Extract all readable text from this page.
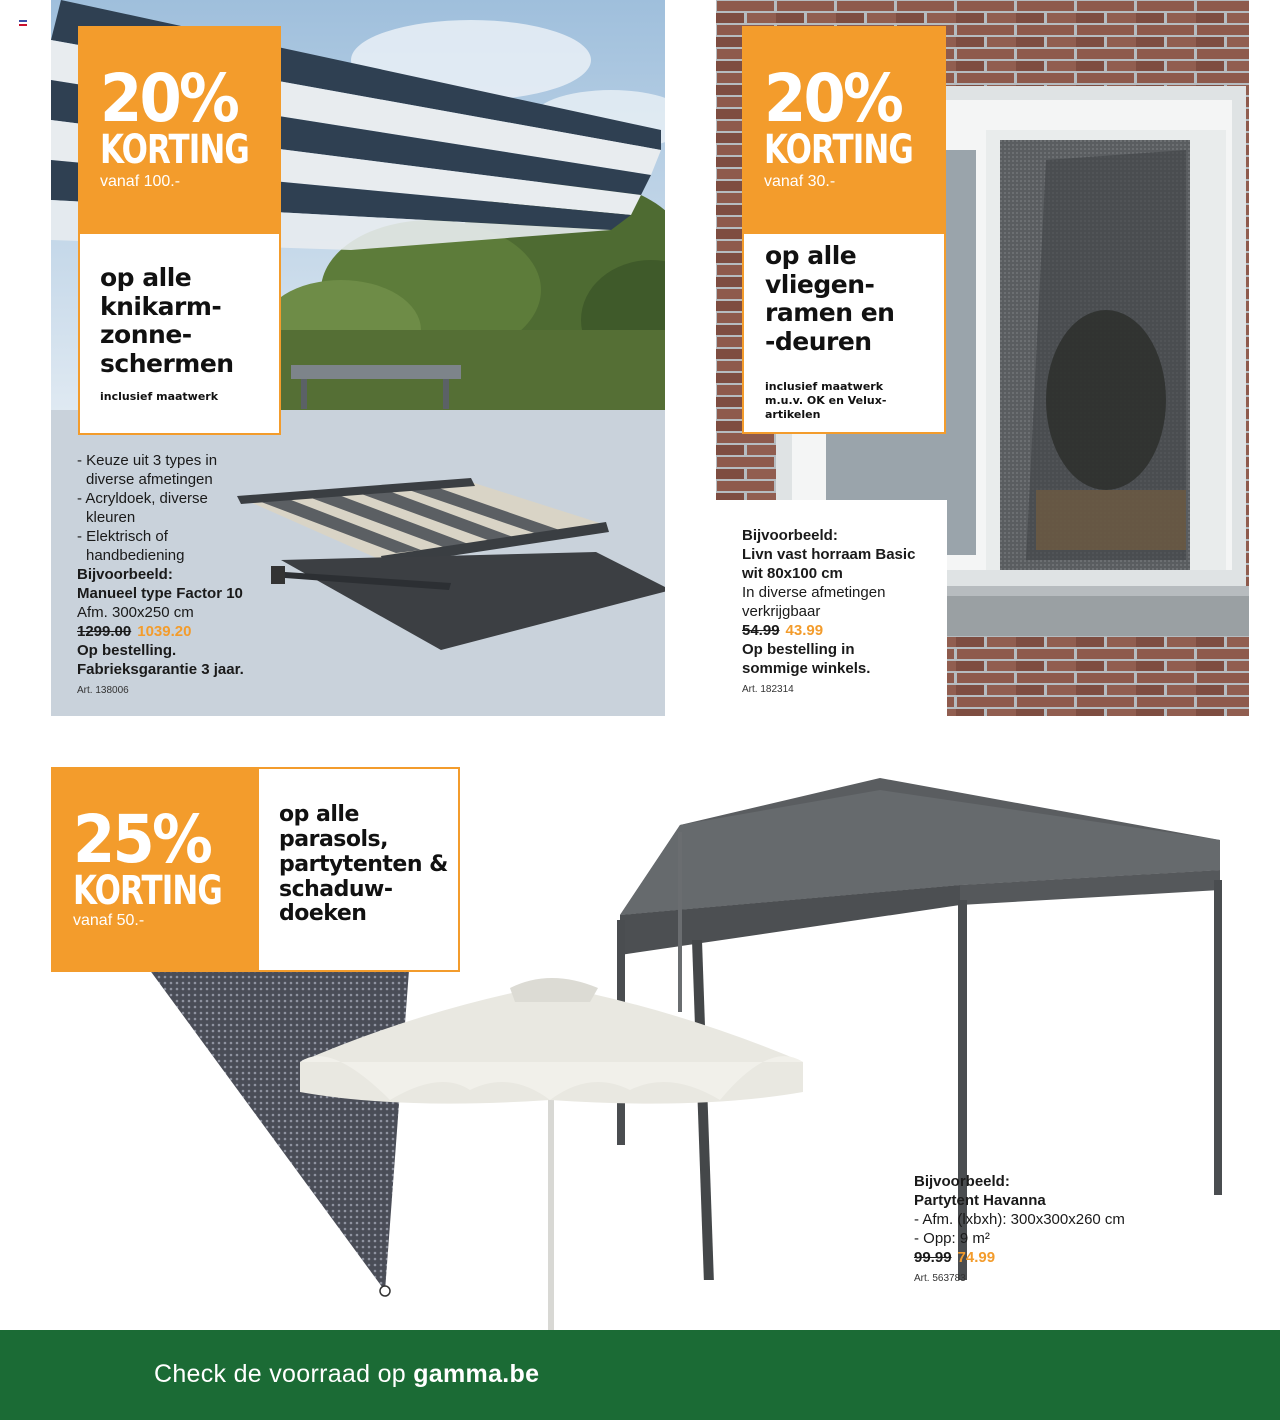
20%
KORTING
vanaf 100.-
op alle
knikarm-
zonne-
schermen
inclusief maatwerk
- Keuze uit 3 types in
diverse afmetingen
- Acryldoek, diverse
kleuren
- Elektrisch of
handbediening
Bijvoorbeeld:
Manueel type Factor 10
Afm. 300x250 cm
1299.00 1039.20
Op bestelling.
Fabrieksgarantie 3 jaar.
Art. 138006
20%
KORTING
vanaf 30.-
op alle
vliegen-
ramen en
-deuren
inclusief maatwerk
m.u.v. OK en Velux-
artikelen
Bijvoorbeeld:
Livn vast horraam Basic
wit 80x100 cm
In diverse afmetingen
verkrijgbaar
54.99 43.99
Op bestelling in
sommige winkels.
Art. 182314
25%
KORTING
vanaf 50.-
op alle
parasols,
partytenten &
schaduw-
doeken
Bijvoorbeeld:
Partytent Havanna
- Afm. (lxbxh): 300x300x260 cm
- Opp: 9 m²
99.99 74.99
Art. 563783
Check de voorraad op gamma.be
